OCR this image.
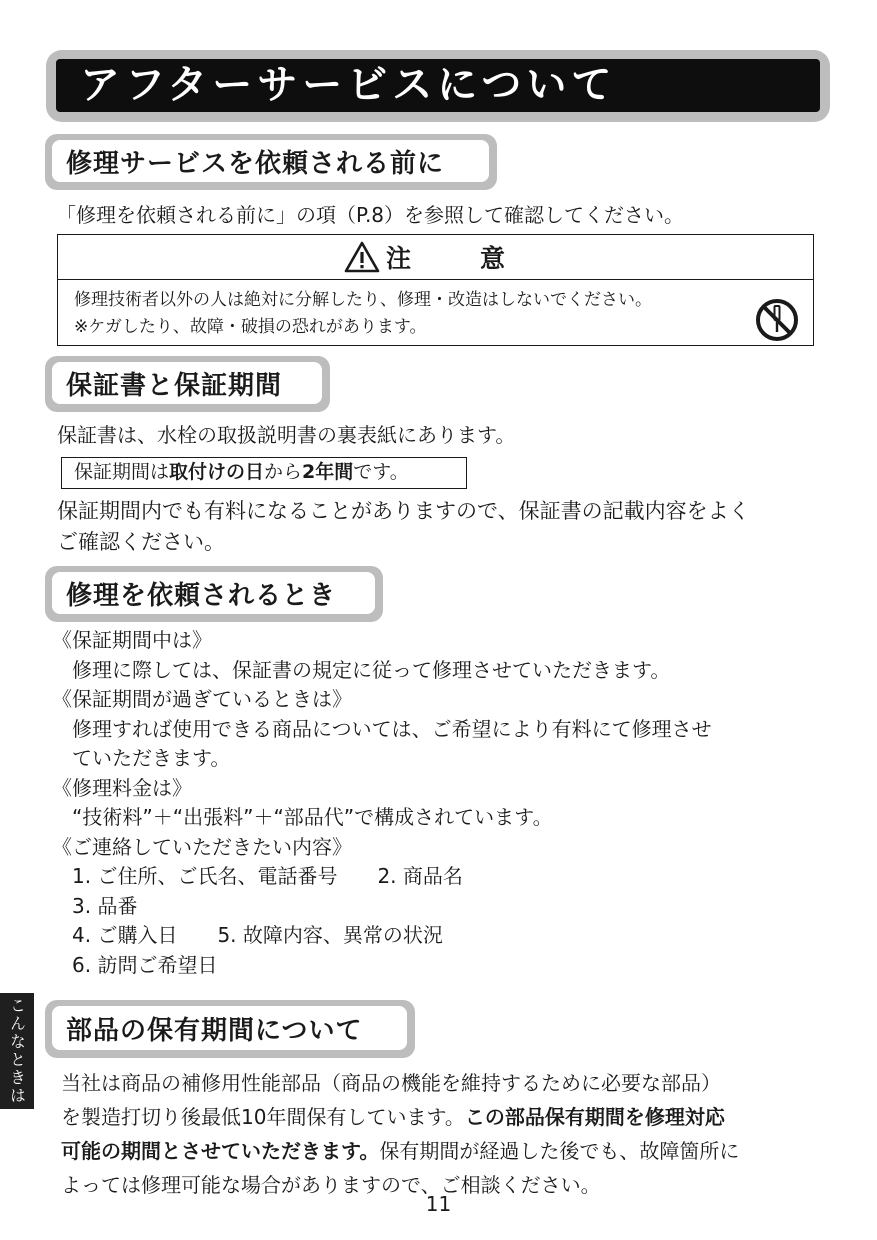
アフターサービスについて
修理サービスを依頼される前に
「修理を依頼される前に」の項（P.8）を参照して確認してください。
注　意
修理技術者以外の人は絶対に分解したり、修理・改造はしないでください。
※ケガしたり、故障・破損の恐れがあります。
保証書と保証期間
保証書は、水栓の取扱説明書の裏表紙にあります。
保証期間は取付けの日から2年間です。
保証期間内でも有料になることがありますので、保証書の記載内容をよく
ご確認ください。
修理を依頼されるとき
《保証期間中は》
　修理に際しては、保証書の規定に従って修理させていただきます。
《保証期間が過ぎているときは》
　修理すれば使用できる商品については、ご希望により有料にて修理させ
　ていただきます。
《修理料金は》
　“技術料”＋“出張料”＋“部品代”で構成されています。
《ご連絡していただきたい内容》
　1. ご住所、ご氏名、電話番号　　2. 商品名
　3. 品番
　4. ご購入日　　5. 故障内容、異常の状況
　6. 訪問ご希望日
こんなときは 部品の保有期間について
当社は商品の補修用性能部品（商品の機能を維持するために必要な部品）
を製造打切り後最低10年間保有しています。この部品保有期間を修理対応
可能の期間とさせていただきます。保有期間が経過した後でも、故障箇所に
よっては修理可能な場合がありますので、ご相談ください。
11
